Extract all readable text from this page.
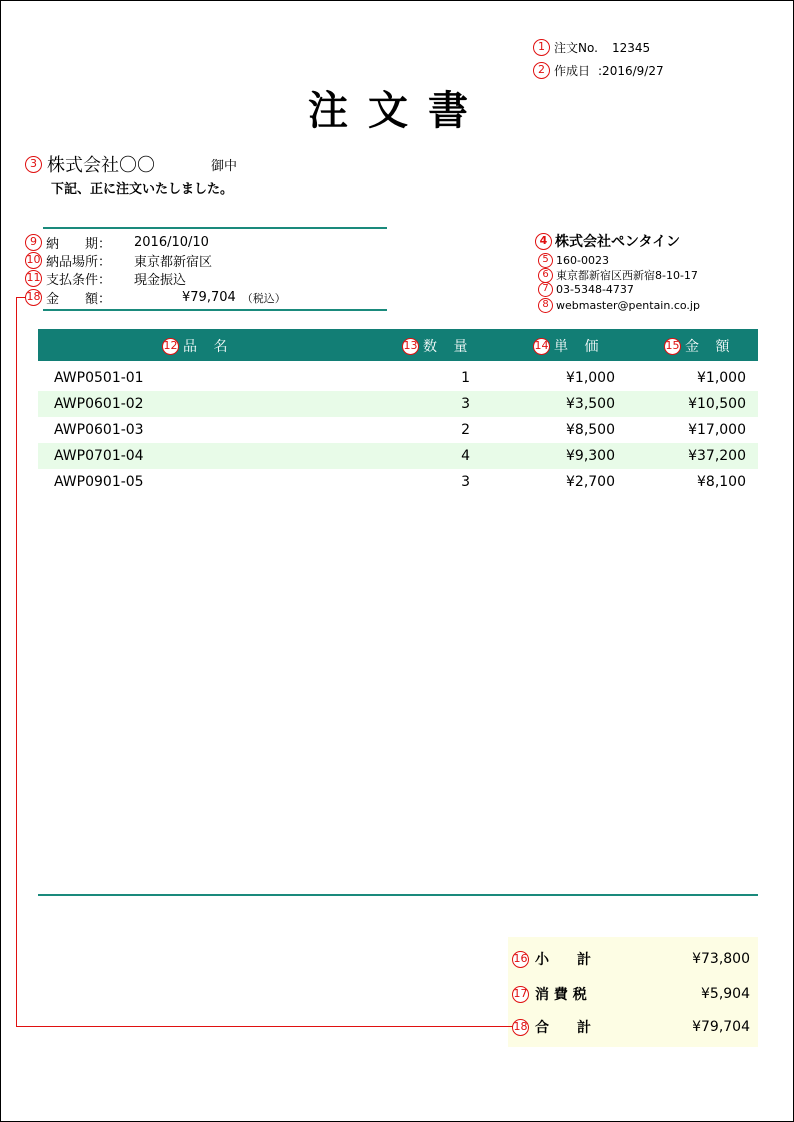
1 注文No. 12345
2 作成日 :2016/9/27
注文書
3 株式会社〇〇	御中
下記、正に注文いたしました。
9 納　　期：	2016/10/10
10 納品場所：	東京都新宿区
11 支払条件：	現金振込
18 金　　額：	¥79,704 （税込）
4 株式会社ペンタイン
5 160-0023
6 東京都新宿区西新宿8-10-17
7 03-5348-4737
8 webmaster@pentain.co.jp
12 品 名	13 数 量	14 単 価	15 金 額
AWP0501-01	1	¥1,000	¥1,000
AWP0601-02	3	¥3,500	¥10,500
AWP0601-03	2	¥8,500	¥17,000
AWP0701-04	4	¥9,300	¥37,200
AWP0901-05	3	¥2,700	¥8,100
16 小　　計	¥73,800
17 消 費 税	¥5,904
18 合　　計	¥79,704
